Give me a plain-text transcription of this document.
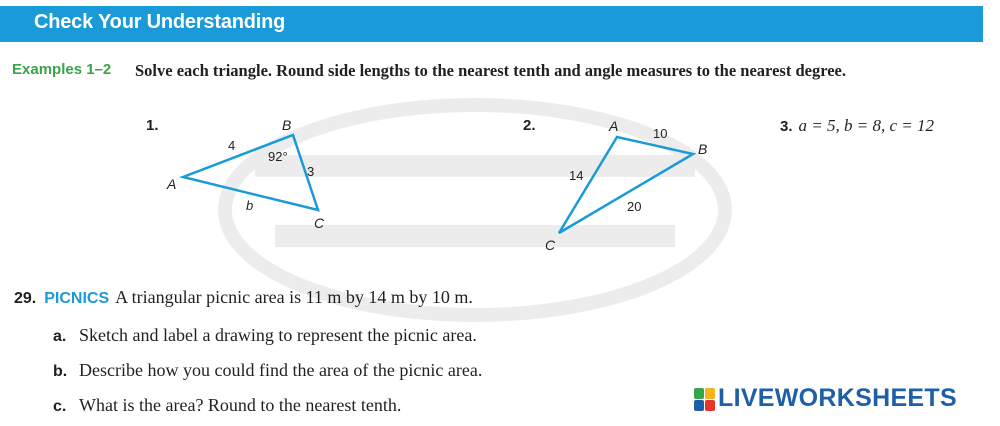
Check Your Understanding
Examples 1–2 Solve each triangle. Round side lengths to the nearest tenth and angle measures to the nearest degree.
1.	B
A
C
4
3
b
92°
2.	A
B
C
10
14
20
3. a = 5, b = 8, c = 12
29. PICNICS A triangular picnic area is 11 m by 14 m by 10 m.
a. Sketch and label a drawing to represent the picnic area.
b. Describe how you could find the area of the picnic area.
c. What is the area? Round to the nearest tenth.	LIVEWORKSHEETS
